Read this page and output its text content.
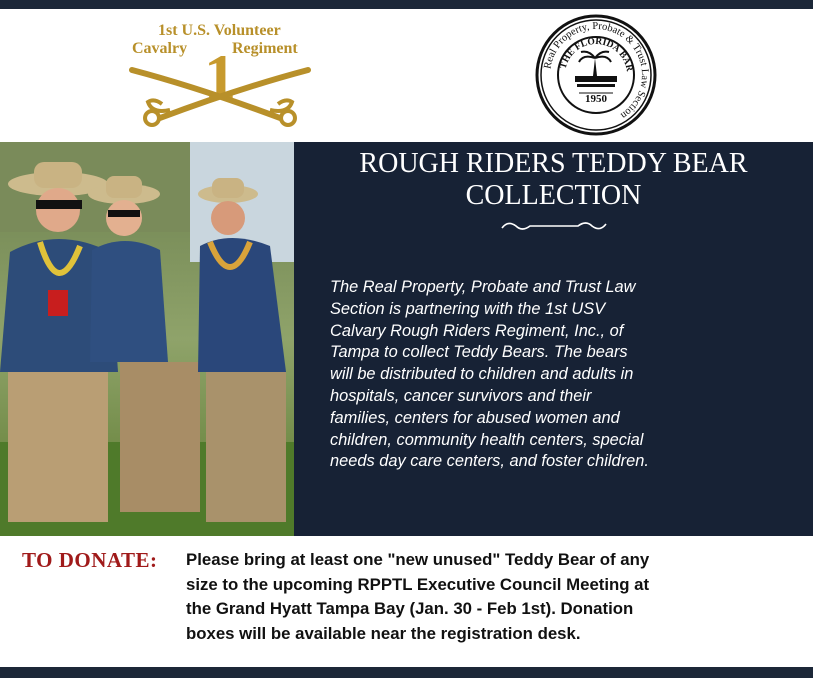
1
1st U.S. Volunteer
Cavalry	Regiment
Real Property, Probate & Trust Law Section
THE FLORIDA BAR
1950
ROUGH RIDERS TEDDY BEAR
COLLECTION
The Real Property, Probate and Trust Law
Section is partnering with the 1st USV
Calvary Rough Riders Regiment, Inc., of
Tampa to collect Teddy Bears. The bears
will be distributed to children and adults in
hospitals, cancer survivors and their
families, centers for abused women and
children, community health centers, special
needs day care centers, and foster children.
TO DONATE: Please bring at least one "new unused" Teddy Bear of any
size to the upcoming RPPTL Executive Council Meeting at
the Grand Hyatt Tampa Bay (Jan. 30 - Feb 1st). Donation
boxes will be available near the registration desk.
